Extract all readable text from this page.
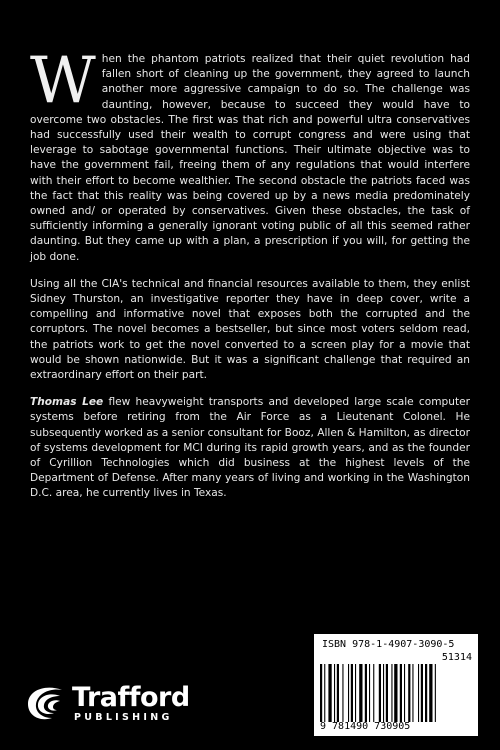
When the phantom patriots realized that their quiet revolution had fallen short of cleaning up the government, they agreed to launch another more aggressive campaign to do so. The challenge was daunting, however, because to succeed they would have to overcome two obstacles. The first was that rich and powerful ultra conservatives had successfully used their wealth to corrupt congress and were using that leverage to sabotage governmental functions. Their ultimate objective was to have the government fail, freeing them of any regulations that would interfere with their effort to become wealthier. The second obstacle the patriots faced was the fact that this reality was being covered up by a news media predominately owned and/ or operated by conservatives. Given these obstacles, the task of sufficiently informing a generally ignorant voting public of all this seemed rather daunting. But they came up with a plan, a prescription if you will, for getting the job done.

Using all the CIA's technical and financial resources available to them, they enlist Sidney Thurston, an investigative reporter they have in deep cover, write a compelling and informative novel that exposes both the corrupted and the corruptors. The novel becomes a bestseller, but since most voters seldom read, the patriots work to get the novel converted to a screen play for a movie that would be shown nationwide. But it was a significant challenge that required an extraordinary effort on their part.

Thomas Lee flew heavyweight transports and developed large scale computer systems before retiring from the Air Force as a Lieutenant Colonel. He subsequently worked as a senior consultant for Booz, Allen & Hamilton, as director of systems development for MCI during its rapid growth years, and as the founder of Cyrillion Technologies which did business at the highest levels of the Department of Defense. After many years of living and working in the Washington D.C. area, he currently lives in Texas.

Trafford
PUBLISHING
ISBN 978-1-4907-3090-5
51314
9 781490 730905
